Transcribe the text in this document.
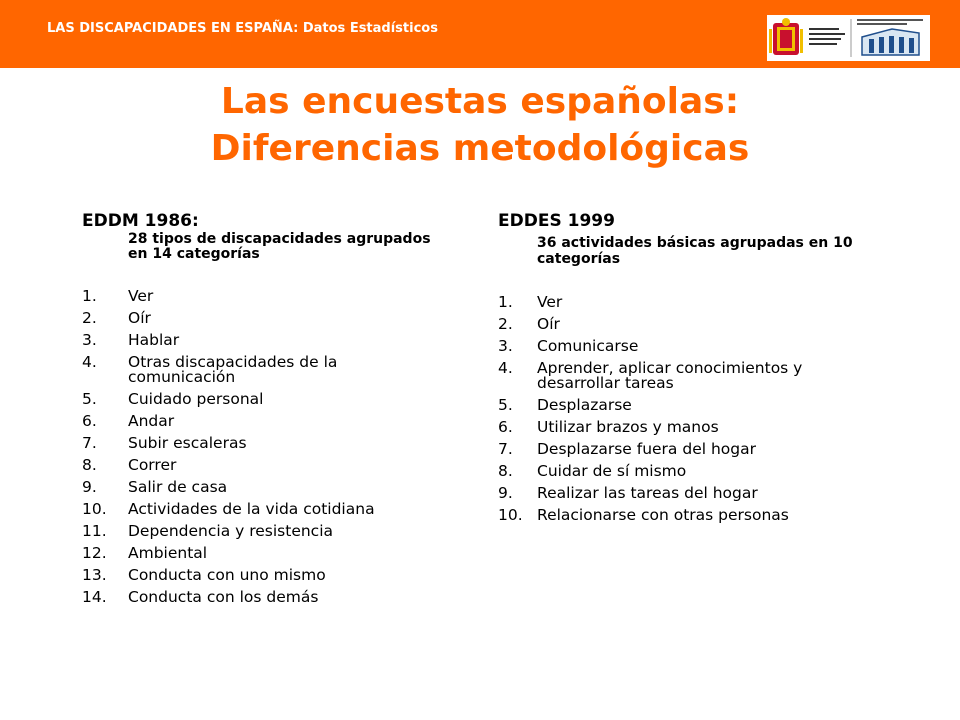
LAS DISCAPACIDADES EN ESPAÑA: Datos Estadísticos
Las encuestas españolas:
Diferencias metodológicas
EDDM 1986:
28 tipos de discapacidades agrupados en 14 categorías
1. Ver
2. Oír
3. Hablar
4. Otras discapacidades de la comunicación
5. Cuidado personal
6. Andar
7. Subir escaleras
8. Correr
9. Salir de casa
10. Actividades de la vida cotidiana
11. Dependencia y resistencia
12. Ambiental
13. Conducta con uno mismo
14. Conducta con los demás
EDDES 1999
36 actividades básicas agrupadas en 10 categorías
1. Ver
2. Oír
3. Comunicarse
4. Aprender, aplicar conocimientos y desarrollar tareas
5. Desplazarse
6. Utilizar brazos y manos
7. Desplazarse fuera del hogar
8. Cuidar de sí mismo
9. Realizar las tareas del hogar
10. Relacionarse con otras personas
